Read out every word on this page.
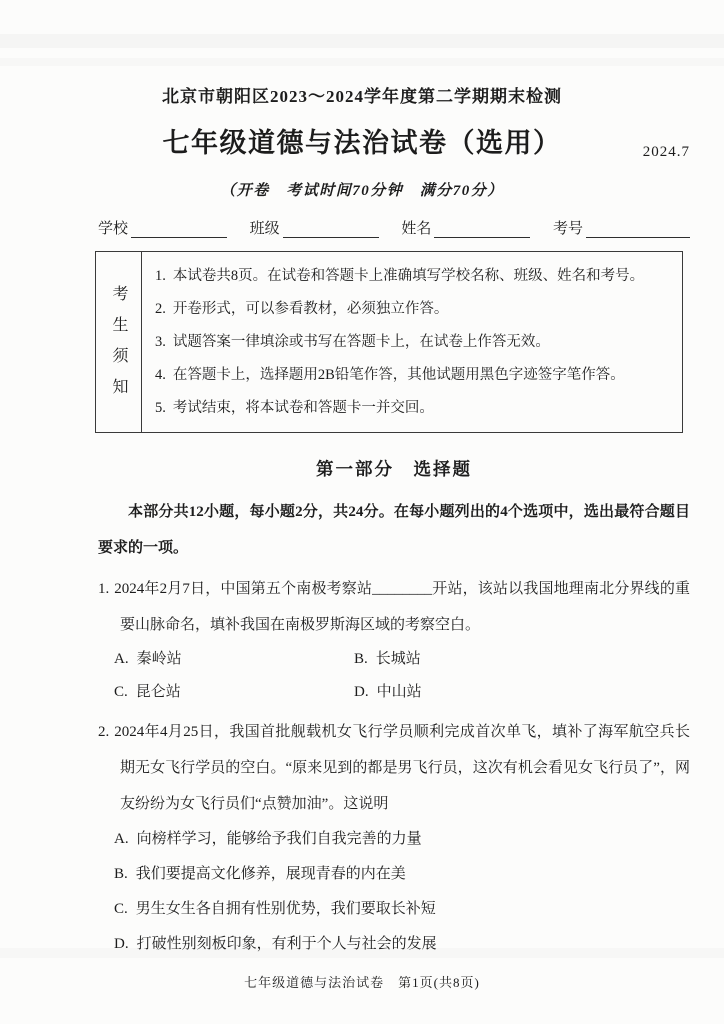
北京市朝阳区2023～2024学年度第二学期期末检测
七年级道德与法治试卷（选用）	2024.7
（开卷　考试时间70分钟　满分70分）
学校	班级	姓名	考号
考生须知
1. 本试卷共8页。在试卷和答题卡上准确填写学校名称、班级、姓名和考号。
2. 开卷形式，可以参看教材，必须独立作答。
3. 试题答案一律填涂或书写在答题卡上，在试卷上作答无效。
4. 在答题卡上，选择题用2B铅笔作答，其他试题用黑色字迹签字笔作答。
5. 考试结束，将本试卷和答题卡一并交回。
第一部分　选择题

本部分共12小题，每小题2分，共24分。在每小题列出的4个选项中，选出最符合题目要求的一项。

1. 2024年2月7日，中国第五个南极考察站________开站，该站以我国地理南北分界线的重要山脉命名，填补我国在南极罗斯海区域的考察空白。

A. 秦岭站	B. 长城站
C. 昆仑站	D. 中山站

2. 2024年4月25日，我国首批舰载机女飞行学员顺利完成首次单飞，填补了海军航空兵长期无女飞行学员的空白。“原来见到的都是男飞行员，这次有机会看见女飞行员了”，网友纷纷为女飞行员们“点赞加油”。这说明

A. 向榜样学习，能够给予我们自我完善的力量
B. 我们要提高文化修养，展现青春的内在美
C. 男生女生各自拥有性别优势，我们要取长补短
D. 打破性别刻板印象，有利于个人与社会的发展
七年级道德与法治试卷　第1页(共8页)
